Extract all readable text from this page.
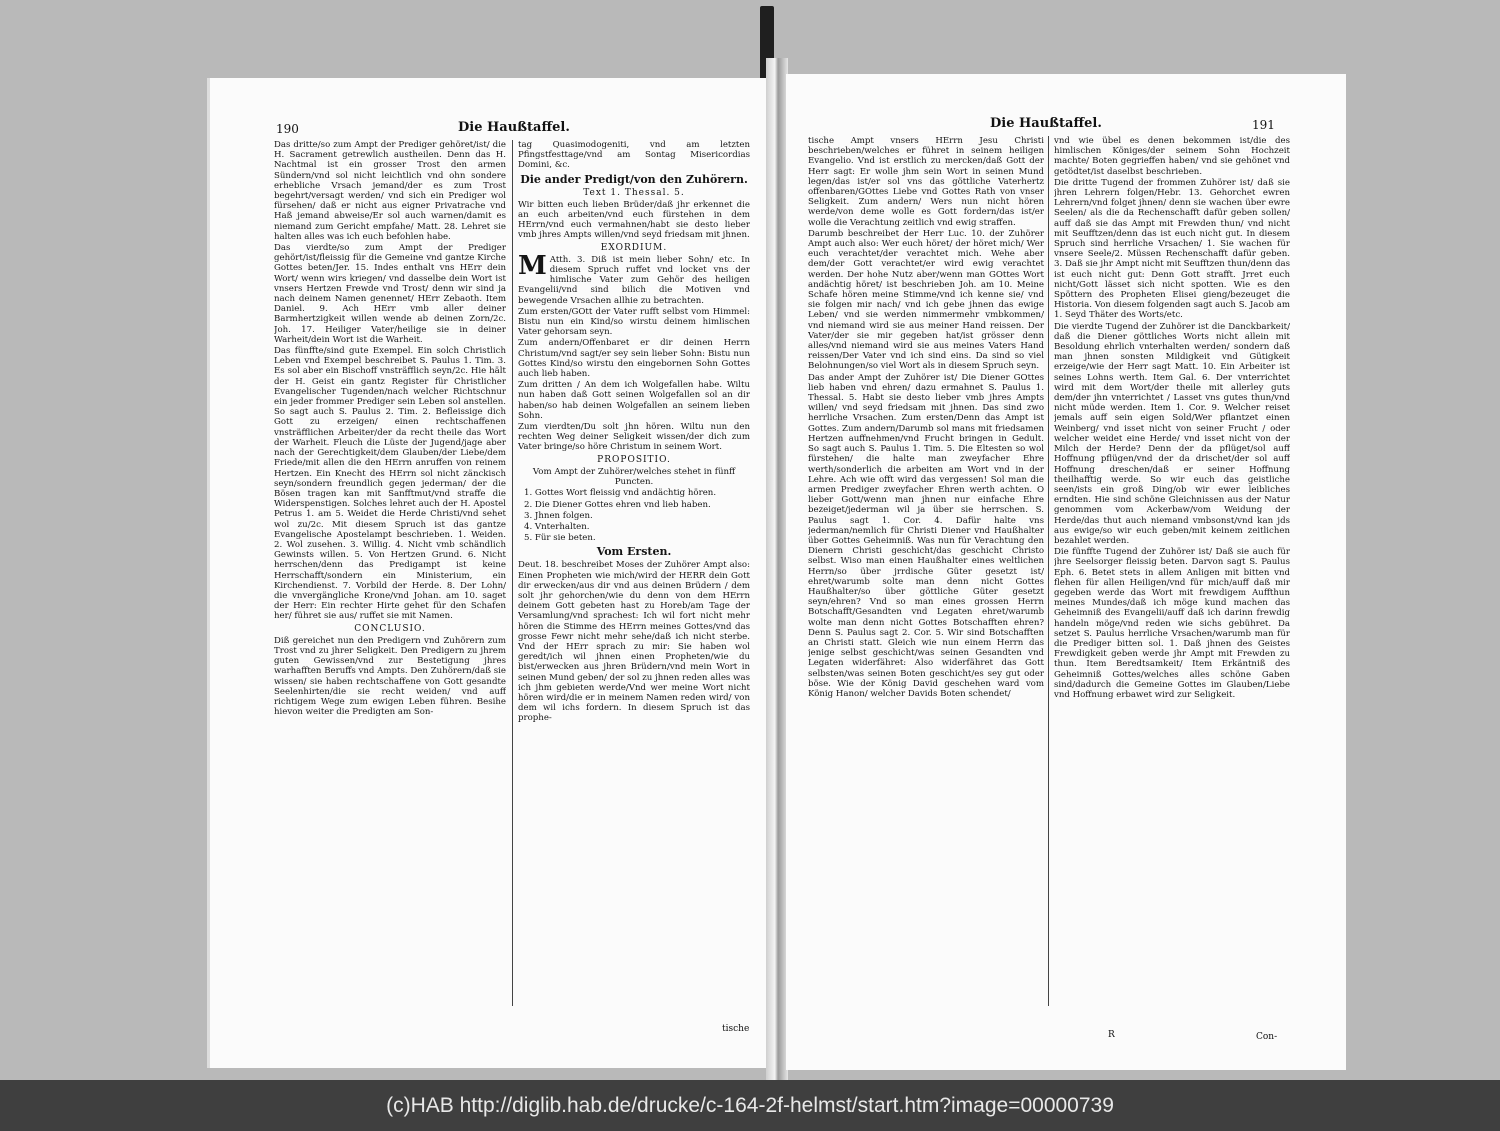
190	Die Haußtaffel.

Das dritte/so zum Ampt der Prediger gehöret/ist/ die H. Sacrament getrewlich austheilen. Denn das H. Nachtmal ist ein grosser Trost den armen Sündern/vnd sol nicht leichtlich vnd ohn sondere erhebliche Vrsach jemand/der es zum Trost begehrt/versagt werden/ vnd sich ein Prediger wol fürsehen/ daß er nicht aus eigner Privatrache vnd Haß jemand abweise/Er sol auch warnen/damit es niemand zum Gericht empfahe/ Matt. 28. Lehret sie halten alles was ich euch befohlen habe.

Das vierdte/so zum Ampt der Prediger gehört/ist/fleissig für die Gemeine vnd gantze Kirche Gottes beten/Jer. 15. Indes enthalt vns HErr dein Wort/ wenn wirs kriegen/ vnd dasselbe dein Wort ist vnsers Hertzen Frewde vnd Trost/ denn wir sind ja nach deinem Namen genennet/ HErr Zebaoth. Item Daniel. 9. Ach HErr vmb aller deiner Barmhertzigkeit willen wende ab deinen Zorn/2c. Joh. 17. Heiliger Vater/heilige sie in deiner Warheit/dein Wort ist die Warheit.

Das fünffte/sind gute Exempel. Ein solch Christlich Leben vnd Exempel beschreibet S. Paulus 1. Tim. 3. Es sol aber ein Bischoff vnsträfflich seyn/2c. Hie hält der H. Geist ein gantz Register für Christlicher Evangelischer Tugenden/nach welcher Richtschnur ein jeder frommer Prediger sein Leben sol anstellen. So sagt auch S. Paulus 2. Tim. 2. Befleissige dich Gott zu erzeigen/ einen rechtschaffenen vnsträfflichen Arbeiter/der da recht theile das Wort der Warheit. Fleuch die Lüste der Jugend/jage aber nach der Gerechtigkeit/dem Glauben/der Liebe/dem Friede/mit allen die den HErrn anruffen von reinem Hertzen. Ein Knecht des HErrn sol nicht zänckisch seyn/sondern freundlich gegen jederman/ der die Bösen tragen kan mit Sanfftmut/vnd straffe die Widerspenstigen. Solches lehret auch der H. Apostel Petrus 1. am 5. Weidet die Herde Christi/vnd sehet wol zu/2c. Mit diesem Spruch ist das gantze Evangelische Apostelampt beschrieben. 1. Weiden. 2. Wol zusehen. 3. Willig. 4. Nicht vmb schändlich Gewinsts willen. 5. Von Hertzen Grund. 6. Nicht herrschen/denn das Predigampt ist keine Herrschafft/sondern ein Ministerium, ein Kirchendienst. 7. Vorbild der Herde. 8. Der Lohn/ die vnvergängliche Krone/vnd Johan. am 10. saget der Herr: Ein rechter Hirte gehet für den Schafen her/ führet sie aus/ ruffet sie mit Namen.

CONCLUSIO.

Diß gereichet nun den Predigern vnd Zuhörern zum Trost vnd zu jhrer Seligkeit. Den Predigern zu jhrem guten Gewissen/vnd zur Bestetigung jhres warhafften Beruffs vnd Ampts. Den Zuhörern/daß sie wissen/ sie haben rechtschaffene von Gott gesandte Seelenhirten/die sie recht weiden/ vnd auff richtigem Wege zum ewigen Leben führen. Besihe hievon weiter die Predigten am Son-

tag Quasimodogeniti, vnd am letzten Pfingstfesttage/vnd am Sontag Misericordias Domini, &c.

Die ander Predigt/von den Zuhörern.
Text 1. Thessal. 5.

Wir bitten euch lieben Brüder/daß jhr erkennet die an euch arbeiten/vnd euch fürstehen in dem HErrn/vnd euch vermahnen/habt sie desto lieber vmb jhres Ampts willen/vnd seyd friedsam mit jhnen.

EXORDIUM.

M Atth. 3. Diß ist mein lieber Sohn/ etc. In diesem Spruch ruffet vnd locket vns der himlische Vater zum Gehör des heiligen Evangelii/vnd sind bilich die Motiven vnd bewegende Vrsachen allhie zu betrachten.

Zum ersten/GOtt der Vater rufft selbst vom Himmel: Bistu nun ein Kind/so wirstu deinem himlischen Vater gehorsam seyn.

Zum andern/Offenbaret er dir deinen Herrn Christum/vnd sagt/er sey sein lieber Sohn: Bistu nun Gottes Kind/so wirstu den eingebornen Sohn Gottes auch lieb haben.

Zum dritten / An dem ich Wolgefallen habe. Wiltu nun haben daß Gott seinen Wolgefallen sol an dir haben/so hab deinen Wolgefallen an seinem lieben Sohn.

Zum vierdten/Du solt jhn hören. Wiltu nun den rechten Weg deiner Seligkeit wissen/der dich zum Vater bringe/so höre Christum in seinem Wort.

PROPOSITIO.

Vom Ampt der Zuhörer/welches stehet in fünff Puncten.

1. Gottes Wort fleissig vnd andächtig hören.
2. Die Diener Gottes ehren vnd lieb haben.
3. Jhnen folgen.
4. Vnterhalten.
5. Für sie beten.
Vom Ersten.

Deut. 18. beschreibet Moses der Zuhörer Ampt also: Einen Propheten wie mich/wird der HERR dein Gott dir erwecken/aus dir vnd aus deinen Brüdern / dem solt jhr gehorchen/wie du denn von dem HErrn deinem Gott gebeten hast zu Horeb/am Tage der Versamlung/vnd sprachest: Ich wil fort nicht mehr hören die Stimme des HErrn meines Gottes/vnd das grosse Fewr nicht mehr sehe/daß ich nicht sterbe. Vnd der HErr sprach zu mir: Sie haben wol geredt/ich wil jhnen einen Propheten/wie du bist/erwecken aus jhren Brüdern/vnd mein Wort in seinen Mund geben/ der sol zu jhnen reden alles was ich jhm gebieten werde/Vnd wer meine Wort nicht hören wird/die er in meinem Namen reden wird/ von dem wil ichs fordern. In diesem Spruch ist das prophe-

tische
Die Haußtaffel.	191

tische Ampt vnsers HErrn Jesu Christi beschrieben/welches er führet in seinem heiligen Evangelio. Vnd ist erstlich zu mercken/daß Gott der Herr sagt: Er wolle jhm sein Wort in seinen Mund legen/das ist/er sol vns das göttliche Vaterhertz offenbaren/GOttes Liebe vnd Gottes Rath von vnser Seligkeit. Zum andern/ Wers nun nicht hören werde/von deme wolle es Gott fordern/das ist/er wolle die Verachtung zeitlich vnd ewig straffen.

Darumb beschreibet der Herr Luc. 10. der Zuhörer Ampt auch also: Wer euch höret/ der höret mich/ Wer euch verachtet/der verachtet mich. Wehe aber dem/der Gott verachtet/er wird ewig verachtet werden. Der hohe Nutz aber/wenn man GOttes Wort andächtig höret/ ist beschrieben Joh. am 10. Meine Schafe hören meine Stimme/vnd ich kenne sie/ vnd sie folgen mir nach/ vnd ich gebe jhnen das ewige Leben/ vnd sie werden nimmermehr vmbkommen/ vnd niemand wird sie aus meiner Hand reissen. Der Vater/der sie mir gegeben hat/ist grösser denn alles/vnd niemand wird sie aus meines Vaters Hand reissen/Der Vater vnd ich sind eins. Da sind so viel Belohnungen/so viel Wort als in diesem Spruch seyn.

Das ander Ampt der Zuhörer ist/ Die Diener GOttes lieb haben vnd ehren/ dazu ermahnet S. Paulus 1. Thessal. 5. Habt sie desto lieber vmb jhres Ampts willen/ vnd seyd friedsam mit jhnen. Das sind zwo herrliche Vrsachen. Zum ersten/Denn das Ampt ist Gottes. Zum andern/Darumb sol mans mit friedsamen Hertzen auffnehmen/vnd Frucht bringen in Gedult. So sagt auch S. Paulus 1. Tim. 5. Die Eltesten so wol fürstehen/ die halte man zweyfacher Ehre werth/sonderlich die arbeiten am Wort vnd in der Lehre. Ach wie offt wird das vergessen! Sol man die armen Prediger zweyfacher Ehren werth achten. O lieber Gott/wenn man jhnen nur einfache Ehre bezeiget/jederman wil ja über sie herrschen. S. Paulus sagt 1. Cor. 4. Dafür halte vns jederman/nemlich für Christi Diener vnd Haußhalter über Gottes Geheimniß. Was nun für Verachtung den Dienern Christi geschicht/das geschicht Christo selbst. Wiso man einen Haußhalter eines weltlichen Herrn/so über jrrdische Güter gesetzt ist/ ehret/warumb solte man denn nicht Gottes Haußhalter/so über göttliche Güter gesetzt seyn/ehren? Vnd so man eines grossen Herrn Botschafft/Gesandten vnd Legaten ehret/warumb wolte man denn nicht Gottes Botschafften ehren? Denn S. Paulus sagt 2. Cor. 5. Wir sind Botschafften an Christi statt. Gleich wie nun einem Herrn das jenige selbst geschicht/was seinen Gesandten vnd Legaten widerfähret: Also widerfähret das Gott selbsten/was seinen Boten geschicht/es sey gut oder böse. Wie der König David geschehen ward vom König Hanon/ welcher Davids Boten schendet/

vnd wie übel es denen bekommen ist/die des himlischen Königes/der seinem Sohn Hochzeit machte/ Boten gegrieffen haben/ vnd sie gehönet vnd getödtet/ist daselbst beschrieben.

Die dritte Tugend der frommen Zuhörer ist/ daß sie jhren Lehrern folgen/Hebr. 13. Gehorchet ewren Lehrern/vnd folget jhnen/ denn sie wachen über ewre Seelen/ als die da Rechenschafft dafür geben sollen/ auff daß sie das Ampt mit Frewden thun/ vnd nicht mit Seufftzen/denn das ist euch nicht gut. In diesem Spruch sind herrliche Vrsachen/ 1. Sie wachen für vnsere Seele/2. Müssen Rechenschafft dafür geben. 3. Daß sie jhr Ampt nicht mit Seufftzen thun/denn das ist euch nicht gut: Denn Gott strafft. Jrret euch nicht/Gott lässet sich nicht spotten. Wie es den Spöttern des Propheten Elisei gieng/bezeuget die Historia. Von diesem folgenden sagt auch S. Jacob am 1. Seyd Thäter des Worts/etc.

Die vierdte Tugend der Zuhörer ist die Danckbarkeit/ daß die Diener göttliches Worts nicht allein mit Besoldung ehrlich vnterhalten werden/ sondern daß man jhnen sonsten Mildigkeit vnd Gütigkeit erzeige/wie der Herr sagt Matt. 10. Ein Arbeiter ist seines Lohns werth. Item Gal. 6. Der vnterrichtet wird mit dem Wort/der theile mit allerley guts dem/der jhn vnterrichtet / Lasset vns gutes thun/vnd nicht müde werden. Item 1. Cor. 9. Welcher reiset jemals auff sein eigen Sold/Wer pflantzet einen Weinberg/ vnd isset nicht von seiner Frucht / oder welcher weidet eine Herde/ vnd isset nicht von der Milch der Herde? Denn der da pflüget/sol auff Hoffnung pflügen/vnd der da drischet/der sol auff Hoffnung dreschen/daß er seiner Hoffnung theilhafftig werde. So wir euch das geistliche seen/ists ein groß Ding/ob wir ewer leibliches erndten. Hie sind schöne Gleichnissen aus der Natur genommen vom Ackerbaw/vom Weidung der Herde/das thut auch niemand vmbsonst/vnd kan jds aus ewige/so wir euch geben/mit keinem zeitlichen bezahlet werden.

Die fünffte Tugend der Zuhörer ist/ Daß sie auch für jhre Seelsorger fleissig beten. Darvon sagt S. Paulus Eph. 6. Betet stets in allem Anligen mit bitten vnd flehen für allen Heiligen/vnd für mich/auff daß mir gegeben werde das Wort mit frewdigem Auffthun meines Mundes/daß ich möge kund machen das Geheimniß des Evangelii/auff daß ich darinn frewdig handeln möge/vnd reden wie sichs gebühret. Da setzet S. Paulus herrliche Vrsachen/warumb man für die Prediger bitten sol. 1. Daß jhnen des Geistes Frewdigkeit geben werde jhr Ampt mit Frewden zu thun. Item Beredtsamkeit/ Item Erkäntniß des Geheimniß Gottes/welches alles schöne Gaben sind/dadurch die Gemeine Gottes im Glauben/Liebe vnd Hoffnung erbawet wird zur Seligkeit.

R	Con-
(c)HAB http://diglib.hab.de/drucke/c-164-2f-helmst/start.htm?image=00000739
